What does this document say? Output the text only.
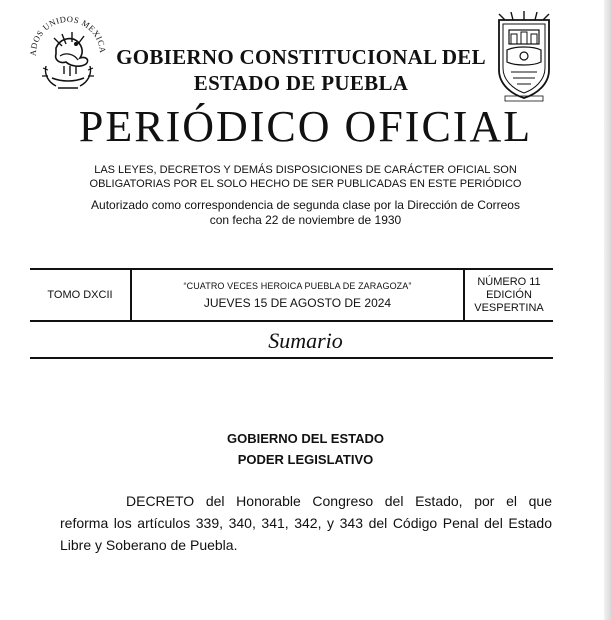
ADOS UNIDOS MEXICA GOBIERNO CONSTITUCIONAL DEL
ESTADO DE PUEBLA
PERIÓDICO OFICIAL

LAS LEYES, DECRETOS Y DEMÁS DISPOSICIONES DE CARÁCTER OFICIAL SON
OBLIGATORIAS POR EL SOLO HECHO DE SER PUBLICADAS EN ESTE PERIÓDICO

Autorizado como correspondencia de segunda clase por la Dirección de Correos
con fecha 22 de noviembre de 1930

TOMO DXCII
“CUATRO VECES HEROICA PUEBLA DE ZARAGOZA”
JUEVES 15 DE AGOSTO DE 2024
NÚMERO 11
EDICIÓN
VESPERTINA
Sumario
GOBIERNO DEL ESTADO
PODER LEGISLATIVO

DECRETO del Honorable Congreso del Estado, por el que
reforma los artículos 339, 340, 341, 342, y 343 del Código Penal del Estado
Libre y Soberano de Puebla.
